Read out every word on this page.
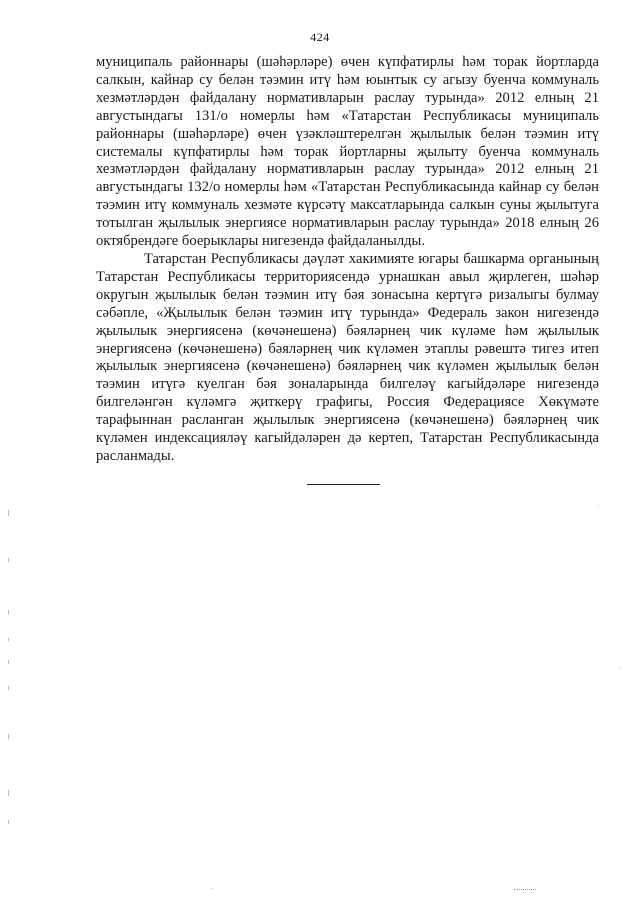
424

муниципаль районнары (шәһәрләре) өчен күпфатирлы һәм торак йортларда салкын, кайнар су белән тәэмин итү һәм юынтык су агызу буенча коммуналь хезмәтләрдән файдалану нормативларын раслау турында» 2012 елның 21 августындагы 131/о номерлы һәм «Татарстан Республикасы муниципаль районнары (шәһәрләре) өчен үзәкләштерелгән җылылык белән тәэмин итү системалы күпфатирлы һәм торак йортларны җылыту буенча коммуналь хезмәтләрдән файдалану нормативларын раслау турында» 2012 елның 21 августындагы 132/о номерлы һәм «Татарстан Республикасында кайнар су белән тәэмин итү коммуналь хезмәте күрсәтү максатларында салкын суны җылытуга тотылган җылылык энергиясе нормативларын раслау турында» 2018 елның 26 октябрендәге боерыклары нигезендә файдаланылды.

Татарстан Республикасы дәүләт хакимияте югары башкарма органының Татарстан Республикасы территориясендә урнашкан авыл җирлеген, шәһәр округын җылылык белән тәэмин итү бәя зонасына кертүгә ризалыгы булмау сәбәпле, «Җылылык белән тәэмин итү турында» Федераль закон нигезендә җылылык энергиясенә (көчәнешенә) бәяләрнең чик күләме һәм җылылык энергиясенә (көчәнешенә) бәяләрнең чик күләмен этаплы рәвештә тигез итеп җылылык энергиясенә (көчәнешенә) бәяләрнең чик күләмен җылылык белән тәэмин итүгә куелган бәя зоналарында билгеләү кагыйдәләре нигезендә билгеләнгән күләмгә җиткерү графигы, Россия Федерациясе Хөкүмәте тарафыннан расланган җылылык энергиясенә (көчәнешенә) бәяләрнең чик күләмен индексацияләү кагыйдәләрен дә кертеп, Татарстан Республикасында расланмады.
